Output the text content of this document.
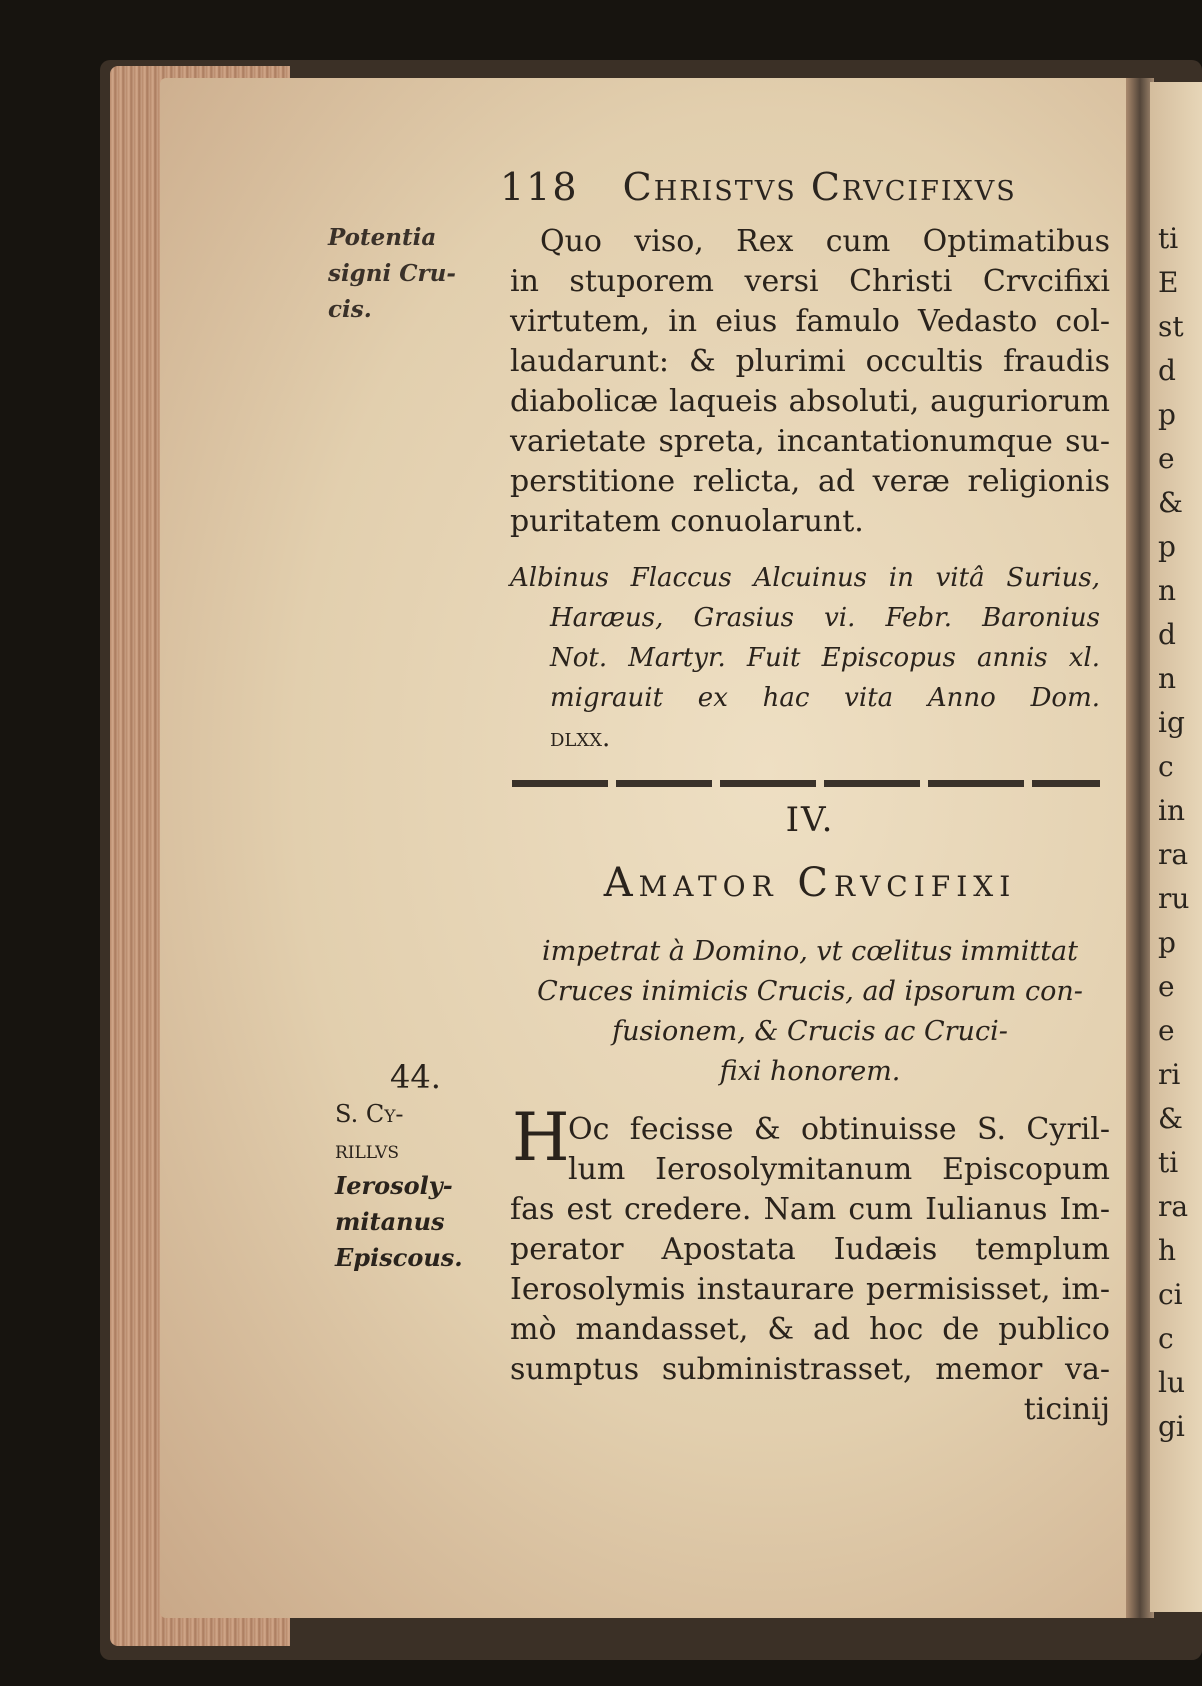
ti
E
st
d
p
e
&
p
n
d
n
ig
c
in
ra
ru
p
e
e
ri
&
ti
ra
h
ci
c
lu
gi
118 Christvs Crvcifixvs
Potentia
signi Cru-
cis.
Quo viso, Rex cum Optimatibus
in stuporem versi Christi Crvcifixi
virtutem, in eius famulo Vedasto col-
laudarunt: & plurimi occultis fraudis
diabolicæ laqueis absoluti, auguriorum
varietate spreta, incantationumque su-
perstitione relicta, ad veræ religionis
puritatem conuolarunt.
Albinus Flaccus Alcuinus in vitâ Surius,
Haræus, Grasius vi. Febr. Baronius
Not. Martyr. Fuit Episcopus annis xl.
migrauit ex hac vita Anno Dom.
dlxx.
IV.
Amator Crvcifixi
impetrat à Domino, vt cœlitus immittat
Cruces inimicis Crucis, ad ipsorum con-
fusionem, & Crucis ac Cruci-
fixi honorem.
44.
S. Cy-
rillvs
Ierosoly-
mitanus
Episcous.
H
Oc fecisse & obtinuisse S. Cyril-
lum Ierosolymitanum Episcopum
fas est credere. Nam cum Iulianus Im-
perator Apostata Iudæis templum
Ierosolymis instaurare permisisset, im-
mò mandasset, & ad hoc de publico
sumptus subministrasset, memor va-
ticinij
